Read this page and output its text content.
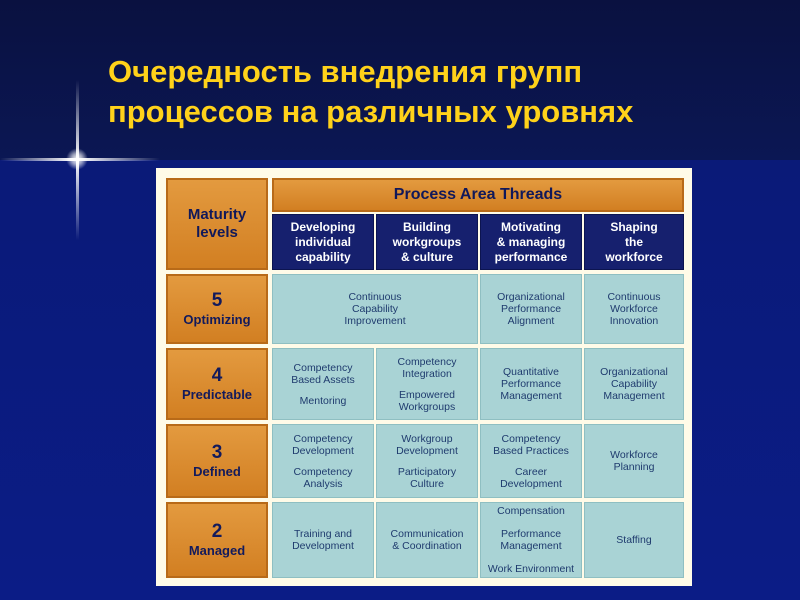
Очередность внедрения групп
процессов на различных уровнях
Maturity
levels
Process Area Threads
Developing
individual
capability
Building
workgroups
& culture
Motivating
& managing
performance
Shaping
the
workforce
5
Optimizing
Continuous
Capability
Improvement
Organizational
Performance
Alignment
Continuous
Workforce
Innovation
4
Predictable
Competency
Based Assets
Mentoring
Competency
Integration
Empowered
Workgroups
Quantitative
Performance
Management
Organizational
Capability
Management
3
Defined
Competency
Development
Competency
Analysis
Workgroup
Development
Participatory
Culture
Competency
Based Practices
Career
Development
Workforce
Planning
2
Managed
Training and
Development
Communication
& Coordination
Compensation
Performance
Management
Work Environment
Staffing
